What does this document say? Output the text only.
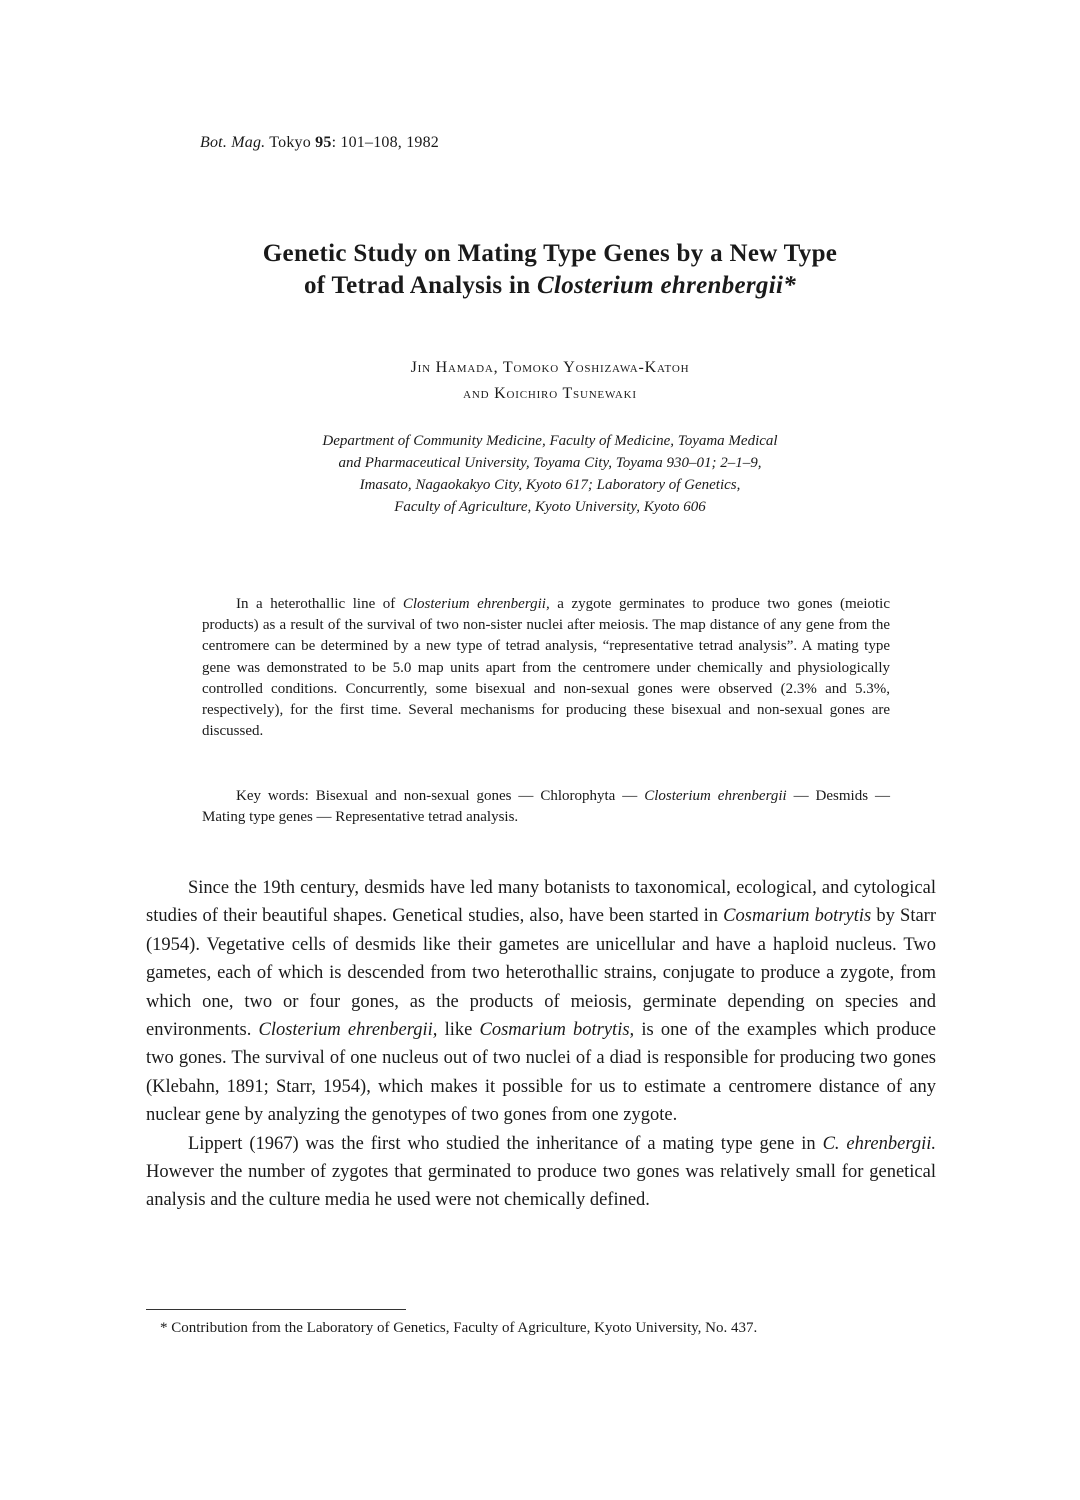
Bot. Mag. Tokyo 95: 101–108, 1982
Genetic Study on Mating Type Genes by a New Type
of Tetrad Analysis in Closterium ehrenbergii*
Jin Hamada, Tomoko Yoshizawa-Katoh
and Koichiro Tsunewaki
Department of Community Medicine, Faculty of Medicine, Toyama Medical
and Pharmaceutical University, Toyama City, Toyama 930–01; 2–1–9,
Imasato, Nagaokakyo City, Kyoto 617; Laboratory of Genetics,
Faculty of Agriculture, Kyoto University, Kyoto 606
In a heterothallic line of Closterium ehrenbergii, a zygote germinates to produce two gones (meiotic products) as a result of the survival of two non-sister nuclei after meiosis. The map distance of any gene from the centromere can be determined by a new type of tetrad analysis, “representative tetrad analysis”. A mating type gene was demonstrated to be 5.0 map units apart from the centromere under chemically and physiologically controlled conditions. Concurrently, some bisexual and non-sexual gones were observed (2.3% and 5.3%, respectively), for the first time. Several mechanisms for producing these bisexual and non-sexual gones are discussed.
Key words: Bisexual and non-sexual gones — Chlorophyta — Closterium ehrenbergii — Desmids — Mating type genes — Representative tetrad analysis.

Since the 19th century, desmids have led many botanists to taxonomical, ecological, and cytological studies of their beautiful shapes. Genetical studies, also, have been started in Cosmarium botrytis by Starr (1954). Vegetative cells of desmids like their gametes are unicellular and have a haploid nucleus. Two gametes, each of which is descended from two heterothallic strains, conjugate to produce a zygote, from which one, two or four gones, as the products of meiosis, germinate depending on species and environments. Closterium ehrenbergii, like Cosmarium botrytis, is one of the examples which produce two gones. The survival of one nucleus out of two nuclei of a diad is responsible for producing two gones (Klebahn, 1891; Starr, 1954), which makes it possible for us to estimate a centromere distance of any nuclear gene by analyzing the genotypes of two gones from one zygote.

Lippert (1967) was the first who studied the inheritance of a mating type gene in C. ehrenbergii. However the number of zygotes that germinated to produce two gones was relatively small for genetical analysis and the culture media he used were not chemically defined.

* Contribution from the Laboratory of Genetics, Faculty of Agriculture, Kyoto University, No. 437.
